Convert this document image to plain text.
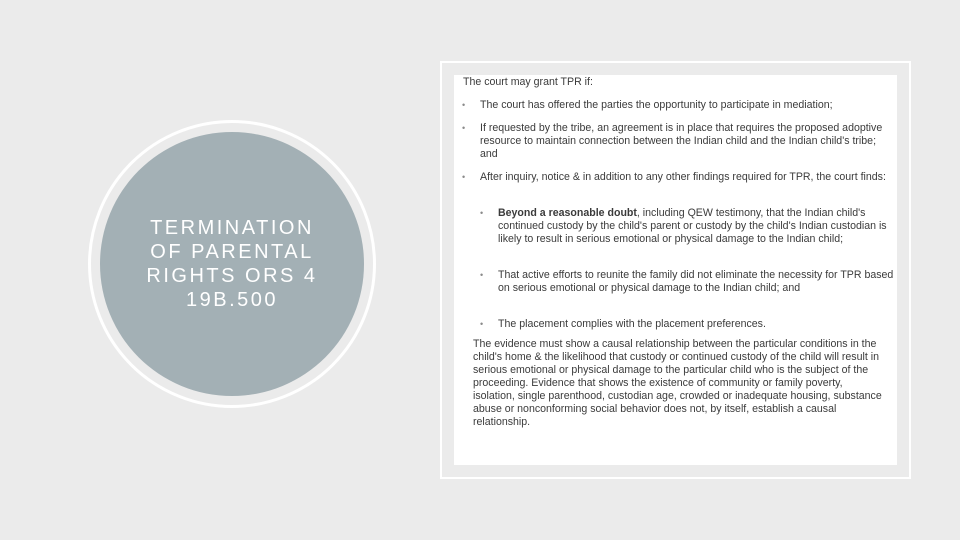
TERMINATION OF PARENTAL RIGHTS ORS 419B.500
The court may grant TPR if:
• The court has offered the parties the opportunity to participate in mediation;
• If requested by the tribe, an agreement is in place that requires the proposed adoptive resource to maintain connection between the Indian child and the Indian child's tribe; and
• After inquiry, notice & in addition to any other findings required for TPR, the court finds:
• Beyond a reasonable doubt, including QEW testimony, that the Indian child's continued custody by the child's parent or custody by the child's Indian custodian is likely to result in serious emotional or physical damage to the Indian child;
• That active efforts to reunite the family did not eliminate the necessity for TPR based on serious emotional or physical damage to the Indian child; and
• The placement complies with the placement preferences.
The evidence must show a causal relationship between the particular conditions in the child's home & the likelihood that custody or continued custody of the child will result in serious emotional or physical damage to the particular child who is the subject of the proceeding. Evidence that shows the existence of community or family poverty, isolation, single parenthood, custodian age, crowded or inadequate housing, substance abuse or nonconforming social behavior does not, by itself, establish a causal relationship.
